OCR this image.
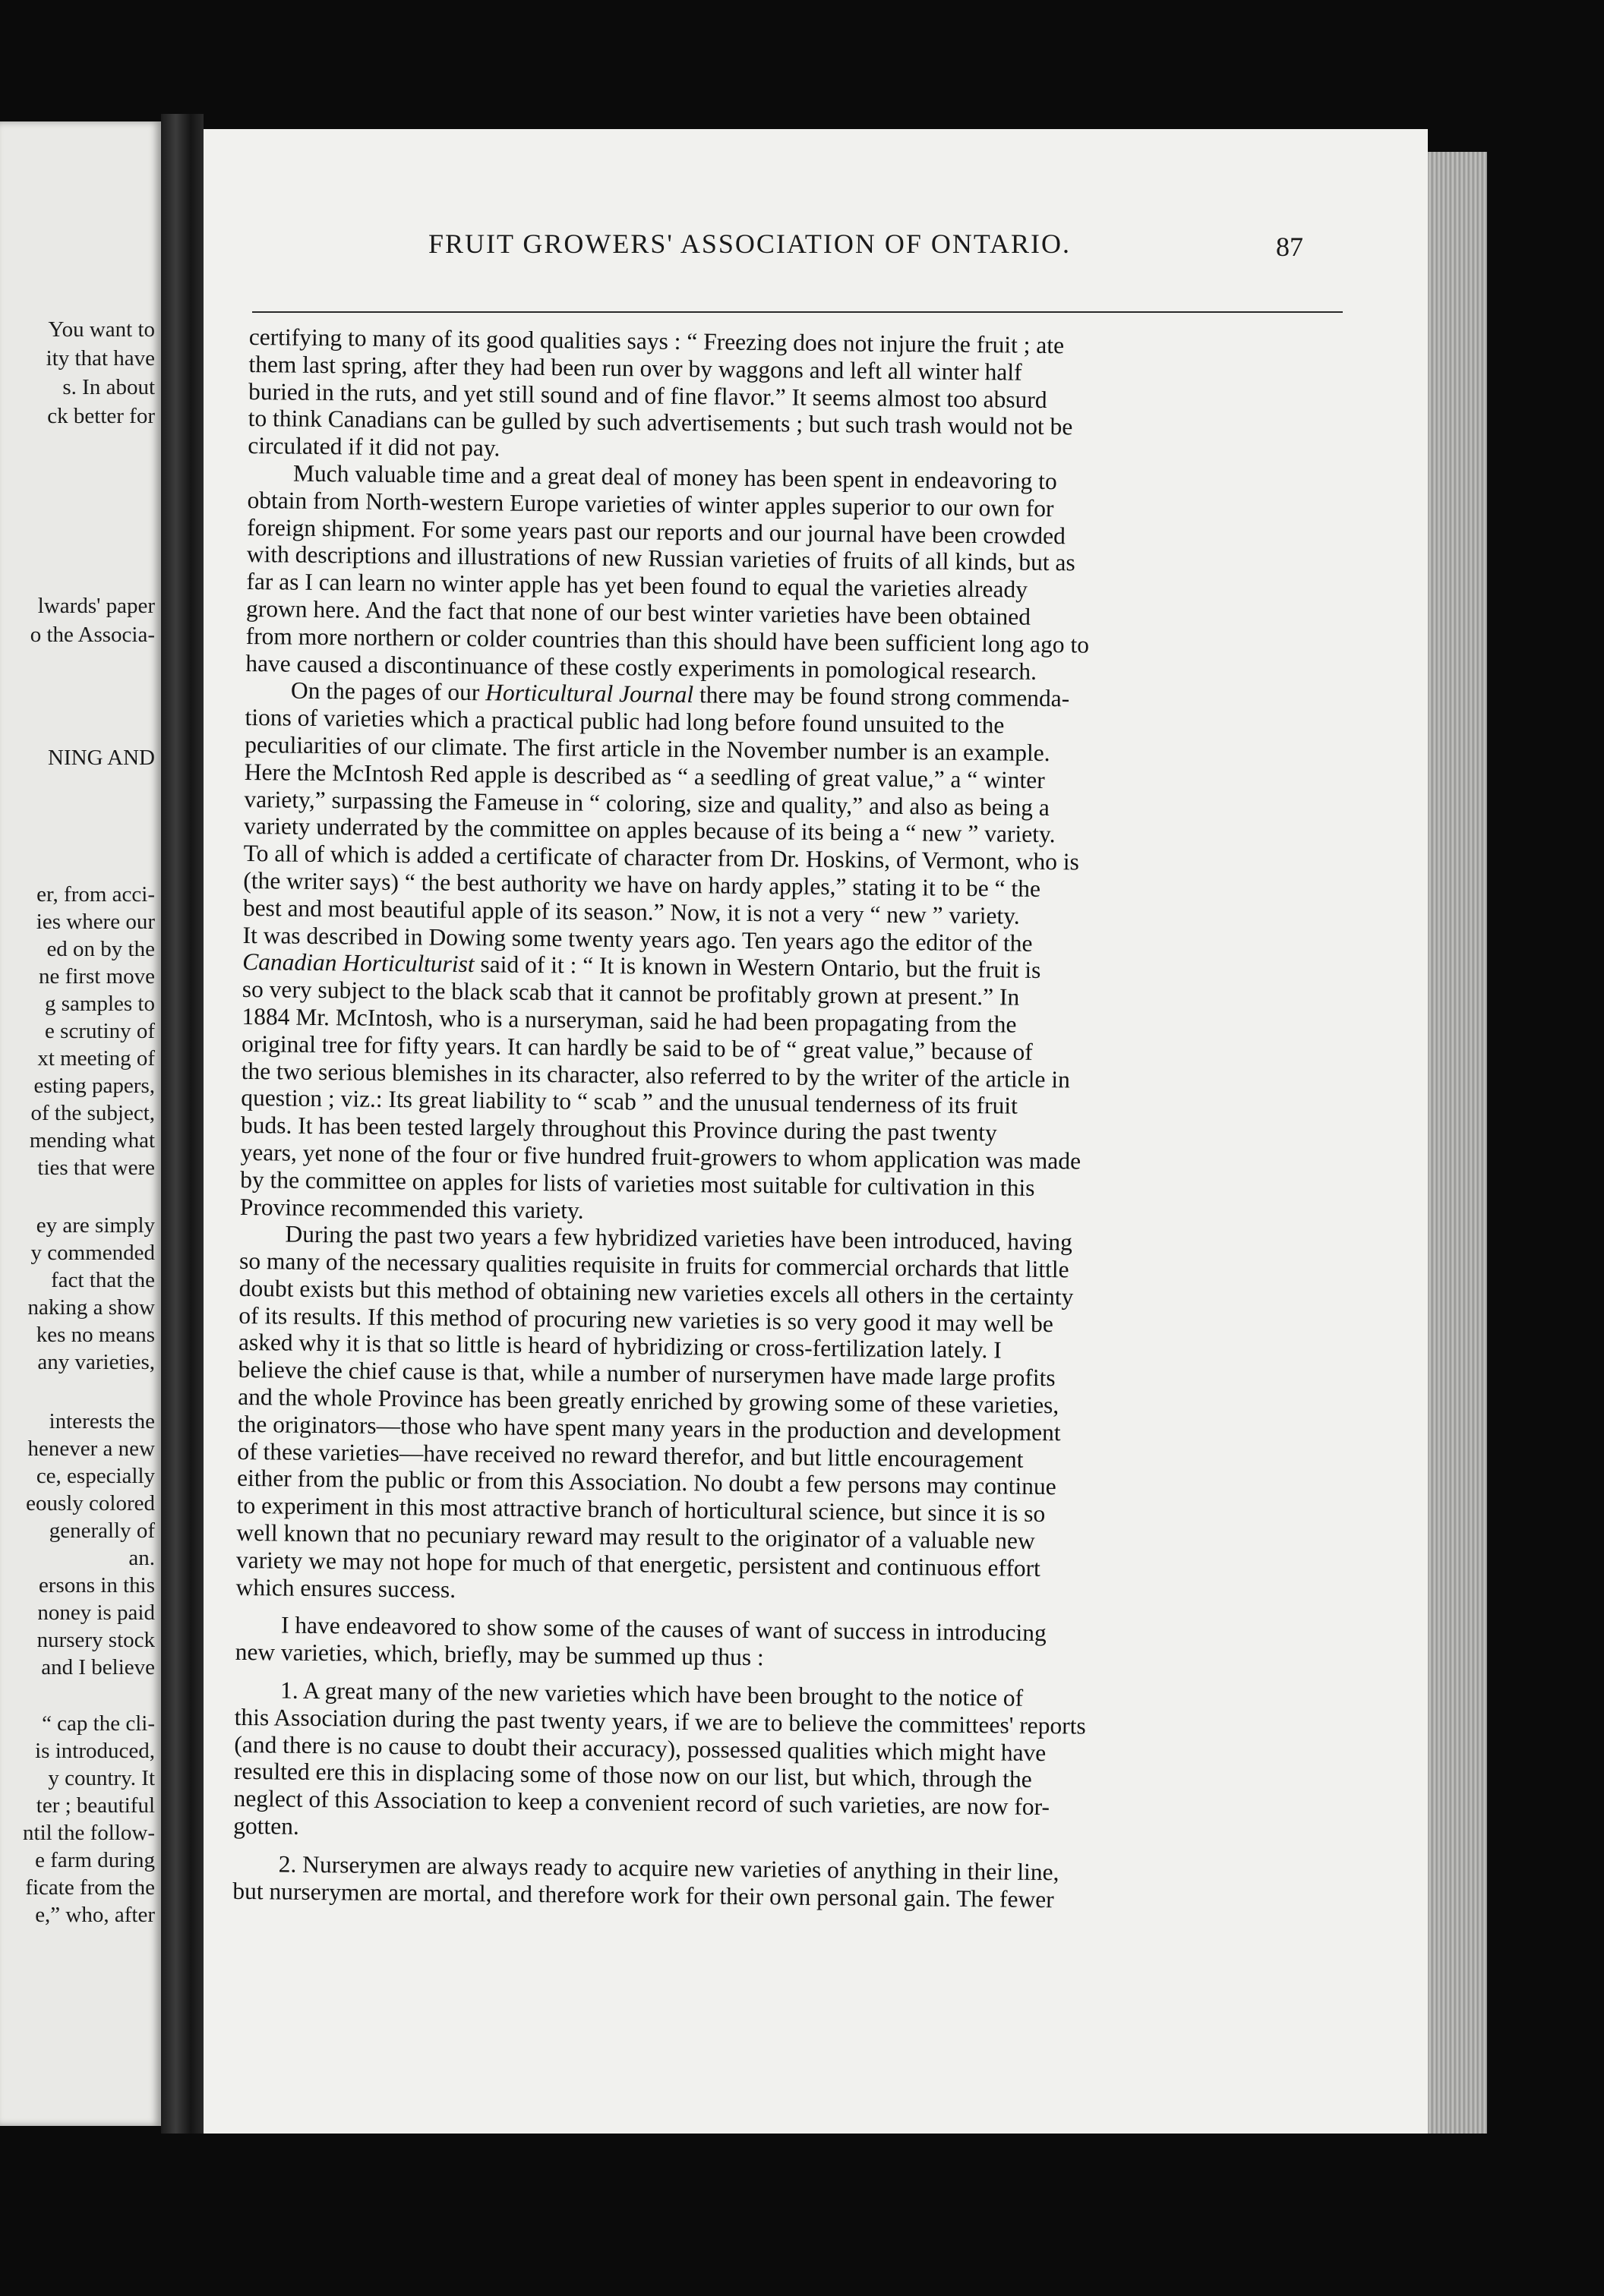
You want to
ity that have
s. In about
ck better for
lwards' paper
o the Associa-
NING AND
er, from acci-
ies where our
ed on by the
ne first move
g samples to
e scrutiny of
xt meeting of
esting papers,
of the subject,
mending what
ties that were
ey are simply
y commended
fact that the
naking a show
kes no means
any varieties,
interests the
henever a new
ce, especially
eously colored
generally of
an.
ersons in this
noney is paid
nursery stock
and I believe
“ cap the cli-
is introduced,
y country. It
ter ; beautiful
ntil the follow-
e farm during
ficate from the
e,” who, after
FRUIT GROWERS' ASSOCIATION OF ONTARIO.	87
certifying to many of its good qualities says : “ Freezing does not injure the fruit ; ate
them last spring, after they had been run over by waggons and left all winter half
buried in the ruts, and yet still sound and of fine flavor.” It seems almost too absurd
to think Canadians can be gulled by such advertisements ; but such trash would not be
circulated if it did not pay.
Much valuable time and a great deal of money has been spent in endeavoring to
obtain from North-western Europe varieties of winter apples superior to our own for
foreign shipment. For some years past our reports and our journal have been crowded
with descriptions and illustrations of new Russian varieties of fruits of all kinds, but as
far as I can learn no winter apple has yet been found to equal the varieties already
grown here. And the fact that none of our best winter varieties have been obtained
from more northern or colder countries than this should have been sufficient long ago to
have caused a discontinuance of these costly experiments in pomological research.
On the pages of our Horticultural Journal there may be found strong commenda-
tions of varieties which a practical public had long before found unsuited to the
peculiarities of our climate. The first article in the November number is an example.
Here the McIntosh Red apple is described as “ a seedling of great value,” a “ winter
variety,” surpassing the Fameuse in “ coloring, size and quality,” and also as being a
variety underrated by the committee on apples because of its being a “ new ” variety.
To all of which is added a certificate of character from Dr. Hoskins, of Vermont, who is
(the writer says) “ the best authority we have on hardy apples,” stating it to be “ the
best and most beautiful apple of its season.” Now, it is not a very “ new ” variety.
It was described in Dowing some twenty years ago. Ten years ago the editor of the
Canadian Horticulturist said of it : “ It is known in Western Ontario, but the fruit is
so very subject to the black scab that it cannot be profitably grown at present.” In
1884 Mr. McIntosh, who is a nurseryman, said he had been propagating from the
original tree for fifty years. It can hardly be said to be of “ great value,” because of
the two serious blemishes in its character, also referred to by the writer of the article in
question ; viz.: Its great liability to “ scab ” and the unusual tenderness of its fruit
buds. It has been tested largely throughout this Province during the past twenty
years, yet none of the four or five hundred fruit-growers to whom application was made
by the committee on apples for lists of varieties most suitable for cultivation in this
Province recommended this variety.
During the past two years a few hybridized varieties have been introduced, having
so many of the necessary qualities requisite in fruits for commercial orchards that little
doubt exists but this method of obtaining new varieties excels all others in the certainty
of its results. If this method of procuring new varieties is so very good it may well be
asked why it is that so little is heard of hybridizing or cross-fertilization lately. I
believe the chief cause is that, while a number of nurserymen have made large profits
and the whole Province has been greatly enriched by growing some of these varieties,
the originators—those who have spent many years in the production and development
of these varieties—have received no reward therefor, and but little encouragement
either from the public or from this Association. No doubt a few persons may continue
to experiment in this most attractive branch of horticultural science, but since it is so
well known that no pecuniary reward may result to the originator of a valuable new
variety we may not hope for much of that energetic, persistent and continuous effort
which ensures success.
I have endeavored to show some of the causes of want of success in introducing
new varieties, which, briefly, may be summed up thus :
1. A great many of the new varieties which have been brought to the notice of
this Association during the past twenty years, if we are to believe the committees' reports
(and there is no cause to doubt their accuracy), possessed qualities which might have
resulted ere this in displacing some of those now on our list, but which, through the
neglect of this Association to keep a convenient record of such varieties, are now for-
gotten.
2. Nurserymen are always ready to acquire new varieties of anything in their line,
but nurserymen are mortal, and therefore work for their own personal gain. The fewer
